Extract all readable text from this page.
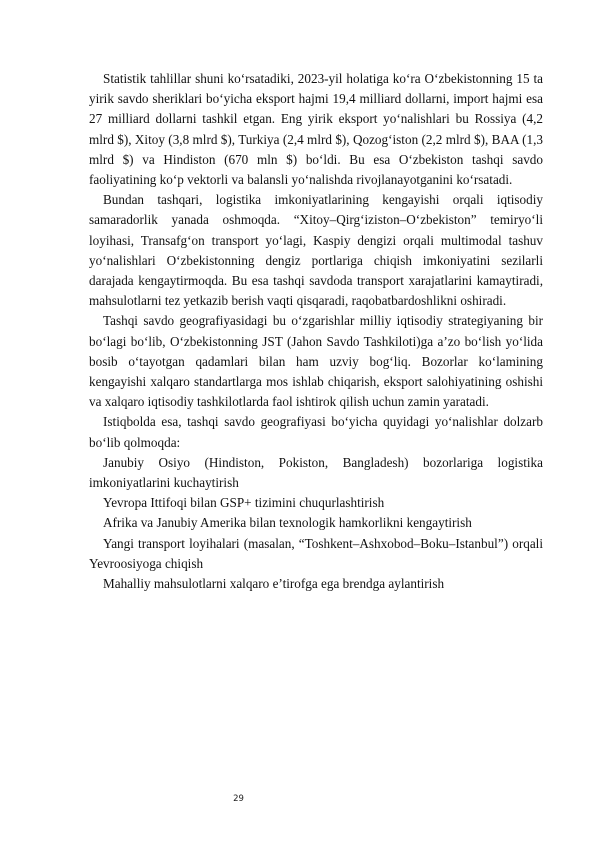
Statistik tahlillar shuni ko‘rsatadiki, 2023-yil holatiga ko‘ra O‘zbekistonning 15 ta yirik savdo sheriklari bo‘yicha eksport hajmi 19,4 milliard dollarni, import hajmi esa 27 milliard dollarni tashkil etgan. Eng yirik eksport yo‘nalishlari bu Rossiya (4,2 mlrd $), Xitoy (3,8 mlrd $), Turkiya (2,4 mlrd $), Qozog‘iston (2,2 mlrd $), BAA (1,3 mlrd $) va Hindiston (670 mln $) bo‘ldi. Bu esa O‘zbekiston tashqi savdo faoliyatining ko‘p vektorli va balansli yo‘nalishda rivojlanayotganini ko‘rsatadi.

Bundan tashqari, logistika imkoniyatlarining kengayishi orqali iqtisodiy samaradorlik yanada oshmoqda. “Xitoy–Qirg‘iziston–O‘zbekiston” temiryo‘li loyihasi, Transafg‘on transport yo‘lagi, Kaspiy dengizi orqali multimodal tashuv yo‘nalishlari O‘zbekistonning dengiz portlariga chiqish imkoniyatini sezilarli darajada kengaytirmoqda. Bu esa tashqi savdoda transport xarajatlarini kamaytiradi, mahsulotlarni tez yetkazib berish vaqti qisqaradi, raqobatbardoshlikni oshiradi.

Tashqi savdo geografiyasidagi bu o‘zgarishlar milliy iqtisodiy strategiyaning bir bo‘lagi bo‘lib, O‘zbekistonning JST (Jahon Savdo Tashkiloti)ga a’zo bo‘lish yo‘lida bosib o‘tayotgan qadamlari bilan ham uzviy bog‘liq. Bozorlar ko‘lamining kengayishi xalqaro standartlarga mos ishlab chiqarish, eksport salohiyatining oshishi va xalqaro iqtisodiy tashkilotlarda faol ishtirok qilish uchun zamin yaratadi.

Istiqbolda esa, tashqi savdo geografiyasi bo‘yicha quyidagi yo‘nalishlar dolzarb bo‘lib qolmoqda:

Janubiy Osiyo (Hindiston, Pokiston, Bangladesh) bozorlariga logistika imkoniyatlarini kuchaytirish

Yevropa Ittifoqi bilan GSP+ tizimini chuqurlashtirish

Afrika va Janubiy Amerika bilan texnologik hamkorlikni kengaytirish

Yangi transport loyihalari (masalan, “Toshkent–Ashxobod–Boku–Istanbul”) orqali Yevroosiyoga chiqish

Mahalliy mahsulotlarni xalqaro e’tirofga ega brendga aylantirish

29
